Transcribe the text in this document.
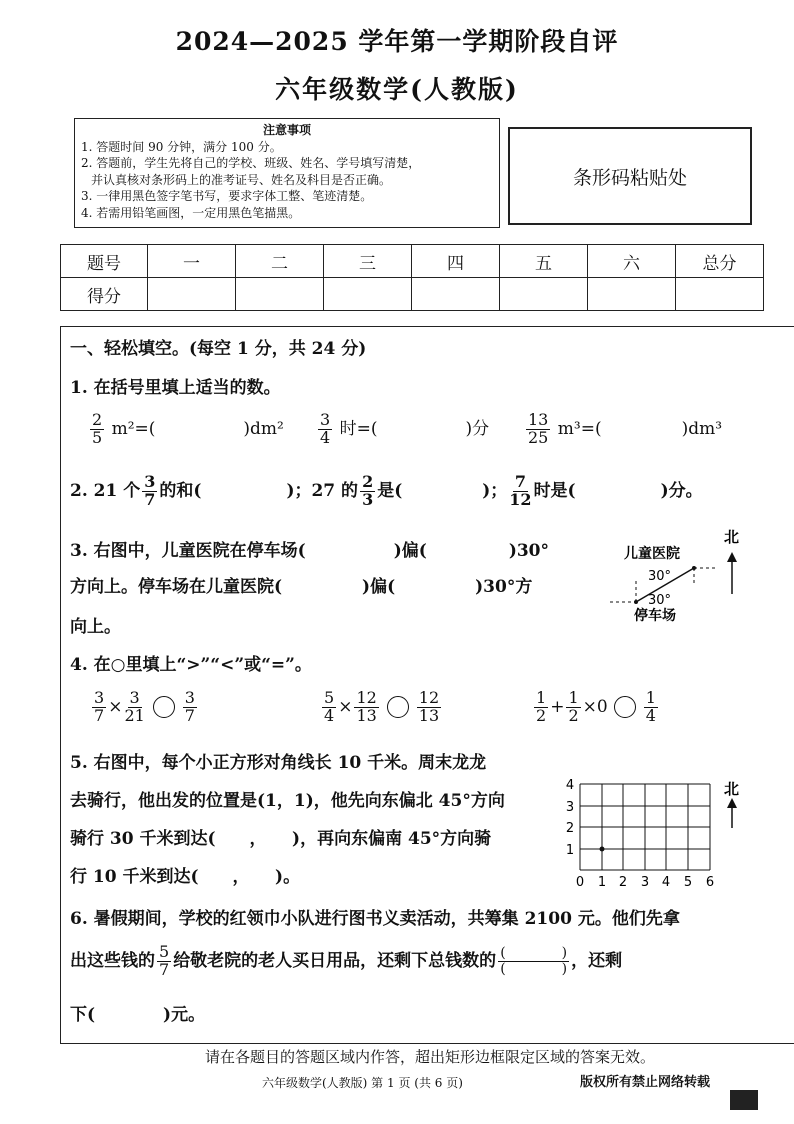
2024—2025 学年第一学期阶段自评
六年级数学(人教版)
注意事项
1. 答题时间 90 分钟，满分 100 分。
2. 答题前，学生先将自己的学校、班级、姓名、学号填写清楚，
并认真核对条形码上的准考证号、姓名及科目是否正确。
3. 一律用黑色签字笔书写，要求字体工整、笔迹清楚。
4. 若需用铅笔画图，一定用黑色笔描黑。
条形码粘贴处
题号	一	二	三	四	五	六	总分
得分							
一、轻松填空。(每空 1 分，共 24 分)
1. 在括号里填上适当的数。
$\frac{2}{5} m^2=$(	)$dm^2 \frac{3}{4}$ 时=(	)分 $\frac{13}{25} m^3=$(	)dm³
2. 21 个 $\frac{3}{7}$ 的和(	)；27 的 $\frac{2}{3}$ 是(	)； $\frac{7}{12}$ 时是(	)分。
3. 右图中，儿童医院在停车场(	)偏(	)30°
方向上。停车场在儿童医院(	)偏(	)30°方
向上。
儿童医院
30°
30°
停车场
北
4. 在○里填上“>”“<”或“=”。
$\frac{3}{7} \times \frac{3}{21} \frac{3}{7}$	$\frac{5}{4} \times \frac{12}{13} \frac{12}{13}$	$\frac{1}{2} + \frac{1}{2} \times 0 \frac{1}{4}$
5. 右图中，每个小正方形对角线长 10 千米。周末龙龙
去骑行，他出发的位置是(1，1)，他先向东偏北 45°方向
骑行 30 千米到达(　　，　　)，再向东偏南 45°方向骑
行 10 千米到达(　　，　　)。	0 1 2 3 4 5 6
1
2
3
4	北
6. 暑假期间，学校的红领巾小队进行图书义卖活动，共筹集 2100 元。他们先拿
出这些钱的 $\frac{5}{7}$ 给敬老院的老人买日用品，还剩下总钱数的 $\frac{( )}{( )}$ ，还剩
下(　　　　)元。
请在各题目的答题区域内作答，超出矩形边框限定区域的答案无效。
六年级数学(人教版) 第 1 页 (共 6 页)	版权所有禁止网络转载
